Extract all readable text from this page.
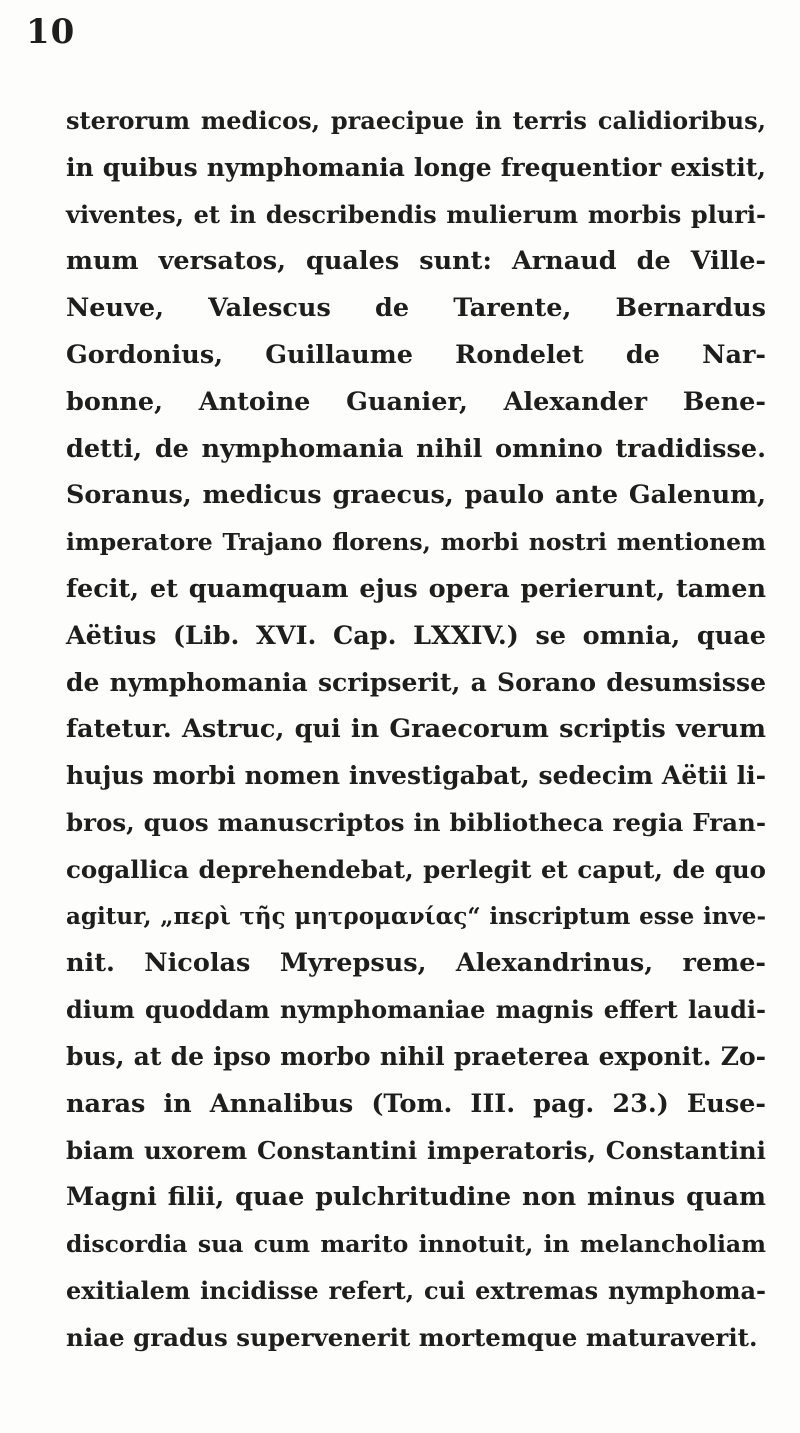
10
sterorum medicos, praecipue in terris calidioribus,
in quibus nymphomania longe frequentior existit,
viventes, et in describendis mulierum morbis pluri-
mum versatos, quales sunt: Arnaud de Ville-
Neuve, Valescus de Tarente, Bernardus
Gordonius, Guillaume Rondelet de Nar-
bonne, Antoine Guanier, Alexander Bene-
detti, de nymphomania nihil omnino tradidisse.
Soranus, medicus graecus, paulo ante Galenum,
imperatore Trajano florens, morbi nostri mentionem
fecit, et quamquam ejus opera perierunt, tamen
Aëtius (Lib. XVI. Cap. LXXIV.) se omnia, quae
de nymphomania scripserit, a Sorano desumsisse
fatetur. Astruc, qui in Graecorum scriptis verum
hujus morbi nomen investigabat, sedecim Aëtii li-
bros, quos manuscriptos in bibliotheca regia Fran-
cogallica deprehendebat, perlegit et caput, de quo
agitur, „περὶ τῆς μητρομανίας“ inscriptum esse inve-
nit. Nicolas Myrepsus, Alexandrinus, reme-
dium quoddam nymphomaniae magnis effert laudi-
bus, at de ipso morbo nihil praeterea exponit. Zo-
naras in Annalibus (Tom. III. pag. 23.) Euse-
biam uxorem Constantini imperatoris, Constantini
Magni filii, quae pulchritudine non minus quam
discordia sua cum marito innotuit, in melancholiam
exitialem incidisse refert, cui extremas nymphoma-
niae gradus supervenerit mortemque maturaverit.
